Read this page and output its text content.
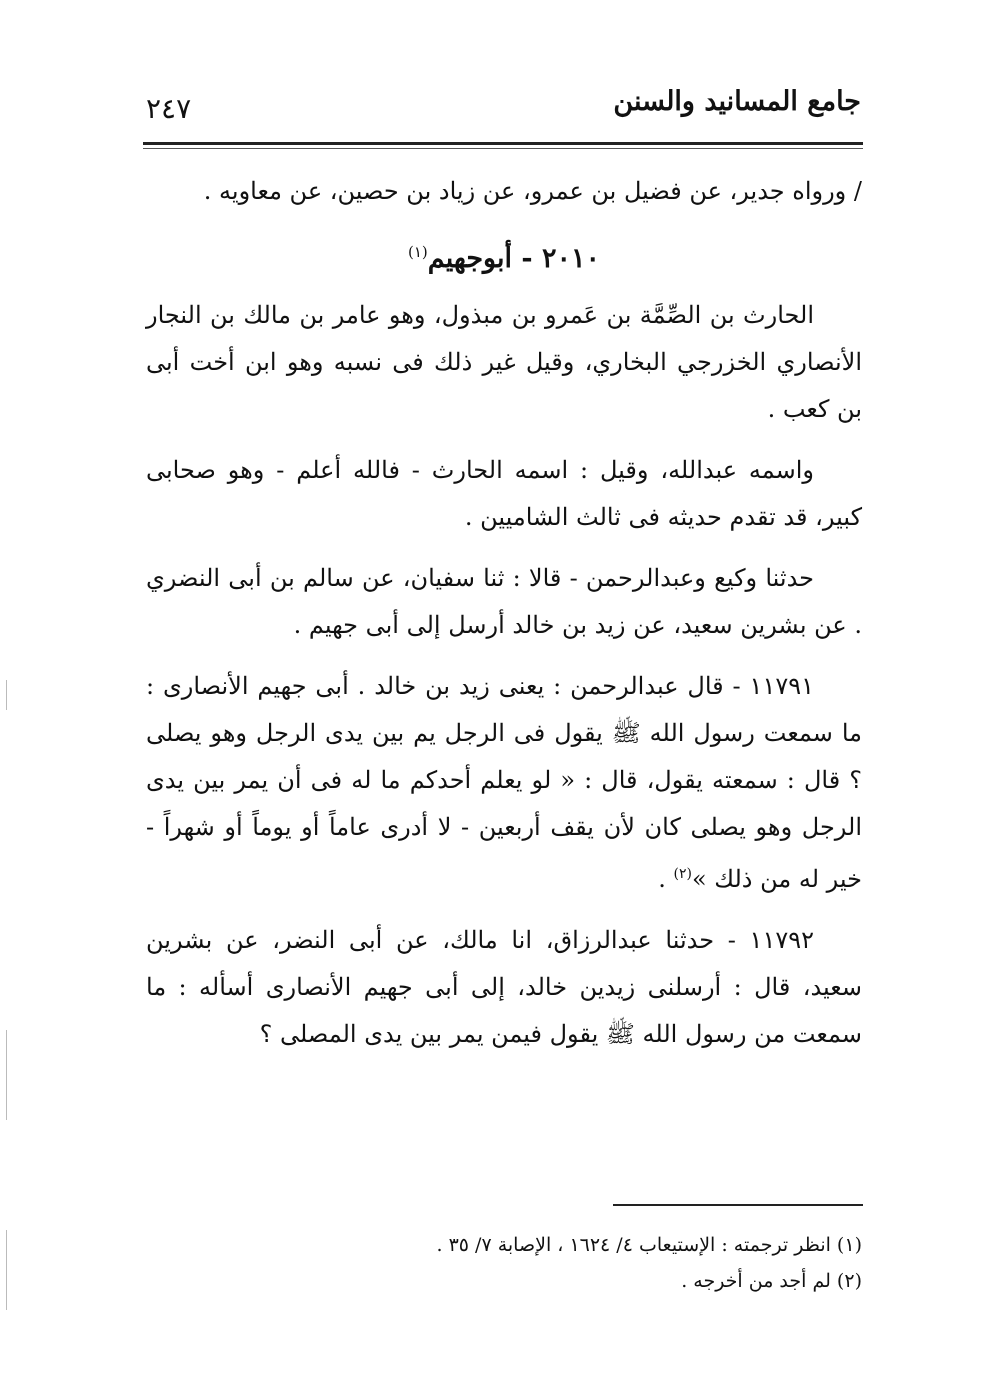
جامع المسانيد والسنن
٢٤٧

/ ورواه جدير، عن فضيل بن عمرو، عن زياد بن حصين، عن معاويه .

٢٠١٠ - أبوجهيم$^{(١)}$

الحارث بن الصِّمَّة بن عَمرو بن مبذول، وهو عامر بن مالك بن النجار الأنصاري الخزرجي البخاري، وقيل غير ذلك فى نسبه وهو ابن أخت أبى بن كعب .

واسمه عبدالله، وقيل : اسمه الحارث - فالله أعلم - وهو صحابى كبير، قد تقدم حديثه فى ثالث الشاميين .

حدثنا وكيع وعبدالرحمن - قالا : ثنا سفيان، عن سالم بن أبى النضري . عن بشرين سعيد، عن زيد بن خالد أرسل إلى أبى جهيم .

١١٧٩١ - قال عبدالرحمن : يعنى زيد بن خالد . أبى جهيم الأنصارى : ما سمعت رسول الله ﷺ يقول فى الرجل يم بين يدى الرجل وهو يصلى ؟ قال : سمعته يقول، قال : « لو يعلم أحدكم ما له فى أن يمر بين يدى الرجل وهو يصلى كان لأن يقف أربعين - لا أدرى عاماً أو يوماً أو شهراً - خير له من ذلك »$^{(٢)}$ .

١١٧٩٢ - حدثنا عبدالرزاق، انا مالك، عن أبى النضر، عن بشرين سعيد، قال : أرسلنى زيدين خالد، إلى أبى جهيم الأنصارى أسأله : ما سمعت من رسول الله ﷺ يقول فيمن يمر بين يدى المصلى ؟

(١) انظر ترجمته : الإستيعاب ٤/ ١٦٢٤ ، الإصابة ٧/ ٣٥ .

(٢) لم أجد من أخرجه .
